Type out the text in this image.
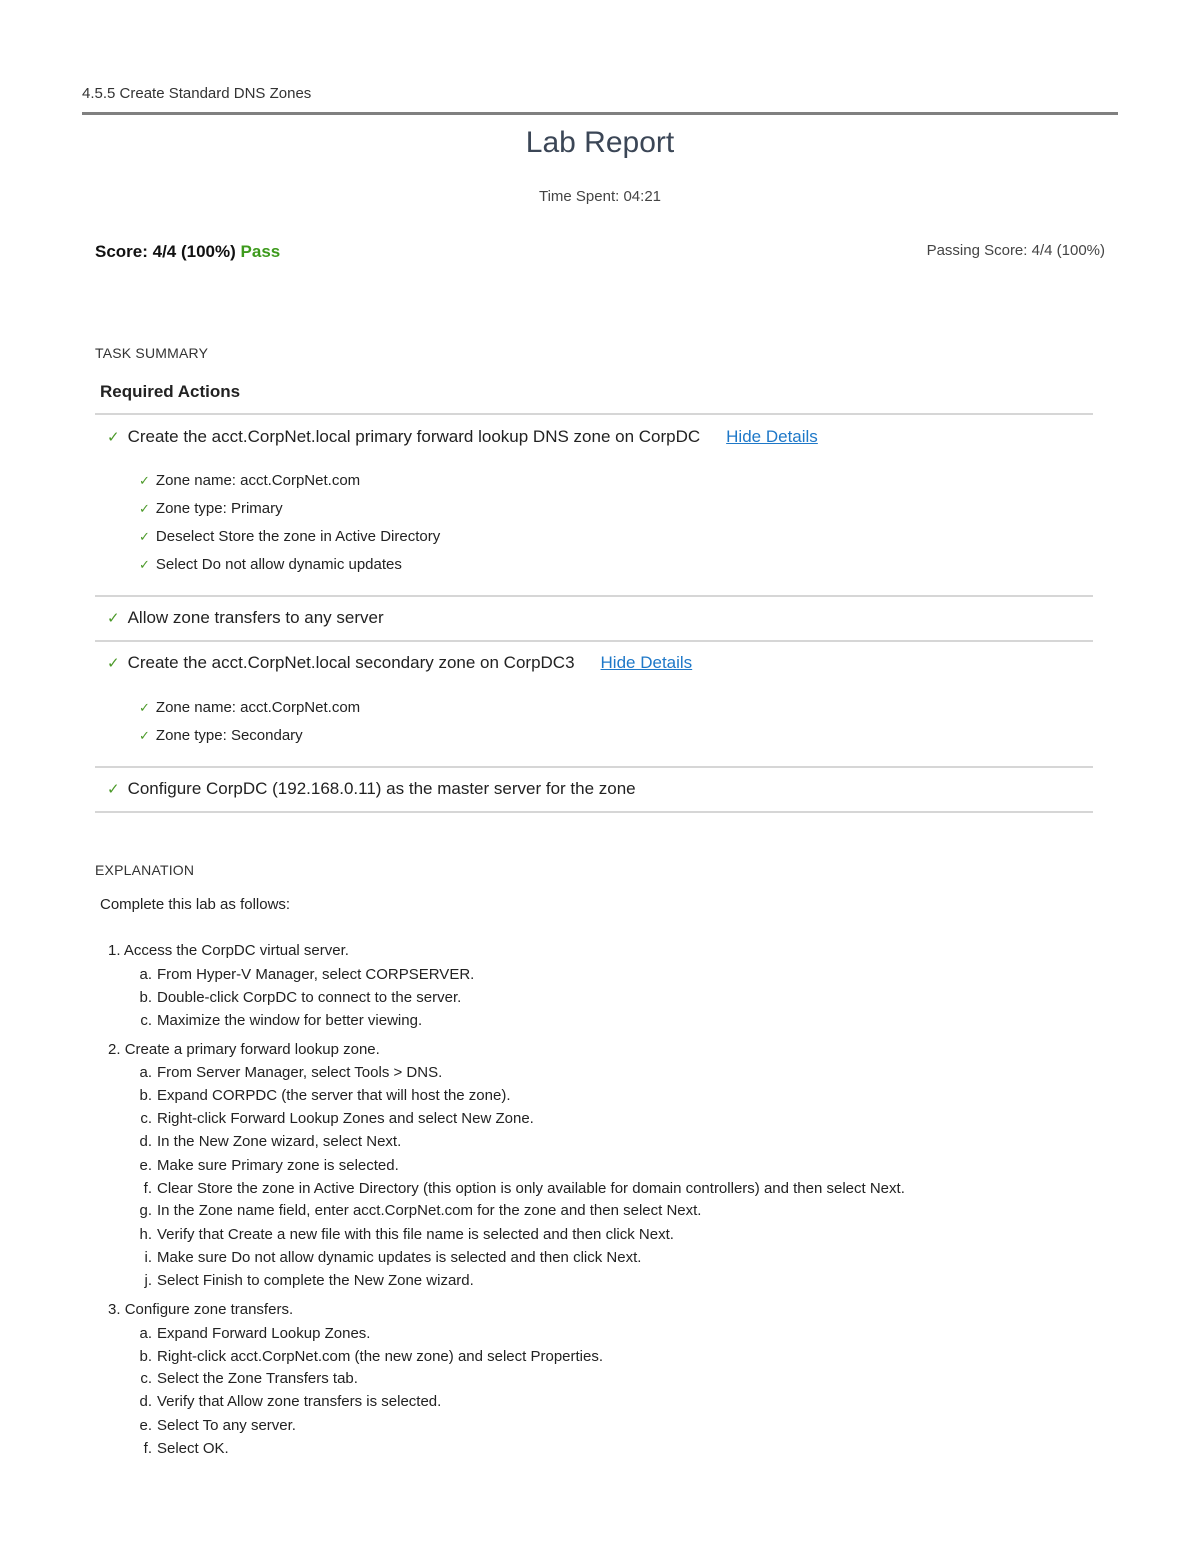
4.5.5 Create Standard DNS Zones
Lab Report
Time Spent: 04:21
Score: 4/4 (100%) Pass	Passing Score: 4/4 (100%)
TASK SUMMARY
Required Actions
✓ Create the acct.CorpNet.local primary forward lookup DNS zone on CorpDC Hide Details
✓ Zone name: acct.CorpNet.com
✓ Zone type: Primary
✓ Deselect Store the zone in Active Directory
✓ Select Do not allow dynamic updates
✓ Allow zone transfers to any server
✓ Create the acct.CorpNet.local secondary zone on CorpDC3 Hide Details
✓ Zone name: acct.CorpNet.com
✓ Zone type: Secondary
✓ Configure CorpDC (192.168.0.11) as the master server for the zone
EXPLANATION
Complete this lab as follows:
1. Access the CorpDC virtual server.
a. From Hyper-V Manager, select CORPSERVER.
b. Double-click CorpDC to connect to the server.
c. Maximize the window for better viewing.
2. Create a primary forward lookup zone.
a. From Server Manager, select Tools > DNS.
b. Expand CORPDC (the server that will host the zone).
c. Right-click Forward Lookup Zones and select New Zone.
d. In the New Zone wizard, select Next.
e. Make sure Primary zone is selected.
f. Clear Store the zone in Active Directory (this option is only available for domain controllers) and then select Next.
g. In the Zone name field, enter acct.CorpNet.com for the zone and then select Next.
h. Verify that Create a new file with this file name is selected and then click Next.
i. Make sure Do not allow dynamic updates is selected and then click Next.
j. Select Finish to complete the New Zone wizard.
3. Configure zone transfers.
a. Expand Forward Lookup Zones.
b. Right-click acct.CorpNet.com (the new zone) and select Properties.
c. Select the Zone Transfers tab.
d. Verify that Allow zone transfers is selected.
e. Select To any server.
f. Select OK.
